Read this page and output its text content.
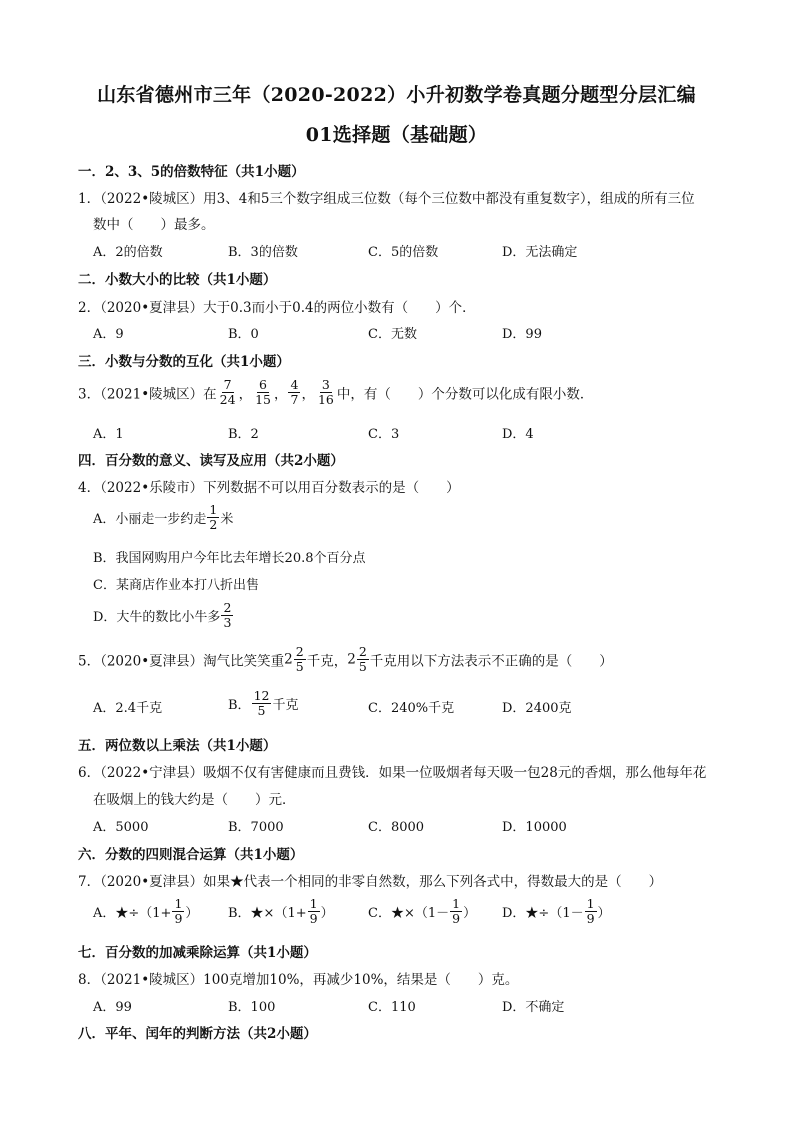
山东省德州市三年（2020-2022）小升初数学卷真题分题型分层汇编
01选择题（基础题）
一．2、3、5的倍数特征（共1小题）
1．（2022•陵城区）用3、4和5三个数字组成三位数（每个三位数中都没有重复数字），组成的所有三位
数中（　　）最多。
A．2的倍数	B．3的倍数	C．5的倍数	D．无法确定
二．小数大小的比较（共1小题）
2．（2020•夏津县）大于0.3而小于0.4的两位小数有（　　）个．
A．9	B．0	C．无数	D．99
三．小数与分数的互化（共1小题）
3．（2021•陵城区）在 $\frac{7}{24}$ ， $\frac{6}{15}$ ， $\frac{4}{7}$ ， $\frac{3}{16}$ 中，有（　　）个分数可以化成有限小数．
A．1	B．2	C．3	D．4
四．百分数的意义、读写及应用（共2小题）
4．（2022•乐陵市）下列数据不可以用百分数表示的是（　　）
A．小丽走一步约走 $\frac{1}{2}$ 米
B．我国网购用户今年比去年增长20.8个百分点
C．某商店作业本打八折出售
D．大牛的数比小牛多 $\frac{2}{3}$
5．（2020•夏津县）淘气比笑笑重$2 \frac{2}{5}$ 千克，$2 \frac{2}{5}$ 千克用以下方法表示不正确的是（　　）
A．2.4千克	B． $\frac{12}{5}$ 千克	C．240%千克	D．2400克
五．两位数以上乘法（共1小题）
6．（2022•宁津县）吸烟不仅有害健康而且费钱．如果一位吸烟者每天吸一包28元的香烟，那么他每年花
在吸烟上的钱大约是（　　）元．
A．5000	B．7000	C．8000	D．10000
六．分数的四则混合运算（共1小题）
7．（2020•夏津县）如果★代表一个相同的非零自然数，那么下列各式中，得数最大的是（　　）
A．★÷（1+ $\frac{1}{9}$ ） B．★×（1+ $\frac{1}{9}$ ）	C．★×（1－ $\frac{1}{9}$ ） D．★÷（1－ $\frac{1}{9}$ ）
七．百分数的加减乘除运算（共1小题）
8．（2021•陵城区）100克增加10%，再减少10%，结果是（　　）克。
A．99	B．100	C．110	D．不确定
八．平年、闰年的判断方法（共2小题）
